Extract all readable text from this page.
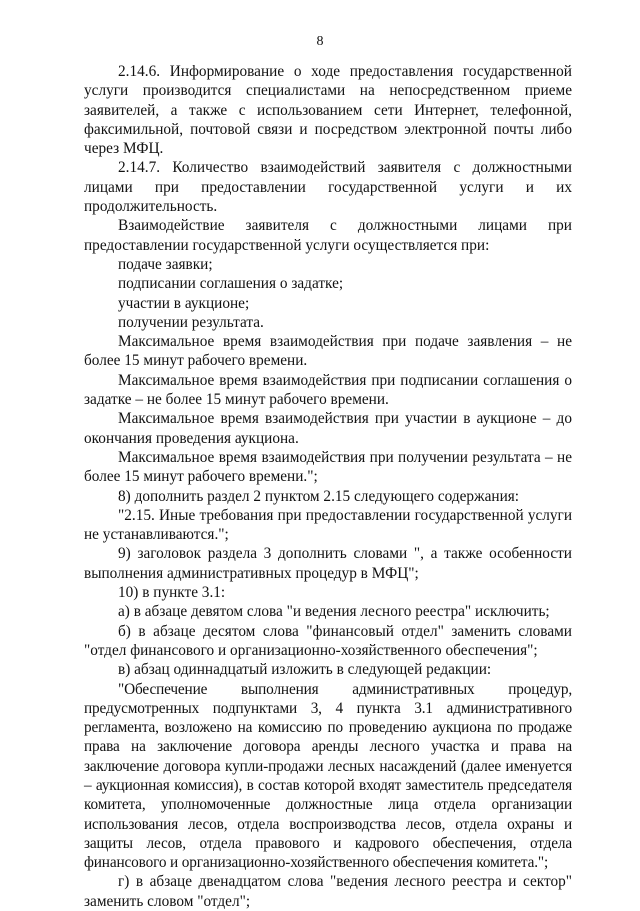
8

2.14.6. Информирование о ходе предоставления государственной услуги производится специалистами на непосредственном приеме заявителей, а также с использованием сети Интернет, телефонной, факсимильной, почтовой связи и посредством электронной почты либо через МФЦ.

2.14.7. Количество взаимодействий заявителя с должностными лицами при предоставлении государственной услуги и их продолжительность.

Взаимодействие заявителя с должностными лицами при предоставлении государственной услуги осуществляется при:

подаче заявки;

подписании соглашения о задатке;

участии в аукционе;

получении результата.

Максимальное время взаимодействия при подаче заявления – не более 15 минут рабочего времени.

Максимальное время взаимодействия при подписании соглашения о задатке – не более 15 минут рабочего времени.

Максимальное время взаимодействия при участии в аукционе – до окончания проведения аукциона.

Максимальное время взаимодействия при получении результата – не более 15 минут рабочего времени.";

8) дополнить раздел 2 пунктом 2.15 следующего содержания:

"2.15. Иные требования при предоставлении государственной услуги не устанавливаются.";

9) заголовок раздела 3 дополнить словами ", а также особенности выполнения административных процедур в МФЦ";

10) в пункте 3.1:

а) в абзаце девятом слова "и ведения лесного реестра" исключить;

б) в абзаце десятом слова "финансовый отдел" заменить словами "отдел финансового и организационно-хозяйственного обеспечения";

в) абзац одиннадцатый изложить в следующей редакции:

"Обеспечение выполнения административных процедур, предусмотренных подпунктами 3, 4 пункта 3.1 административного регламента, возложено на комиссию по проведению аукциона по продаже права на заключение договора аренды лесного участка и права на заключение договора купли-продажи лесных насаждений (далее именуется – аукционная комиссия), в состав которой входят заместитель председателя комитета, уполномоченные должностные лица отдела организации использования лесов, отдела воспроизводства лесов, отдела охраны и защиты лесов, отдела правового и кадрового обеспечения, отдела финансового и организационно-хозяйственного обеспечения комитета.";

г) в абзаце двенадцатом слова "ведения лесного реестра и сектор" заменить словом "отдел";
